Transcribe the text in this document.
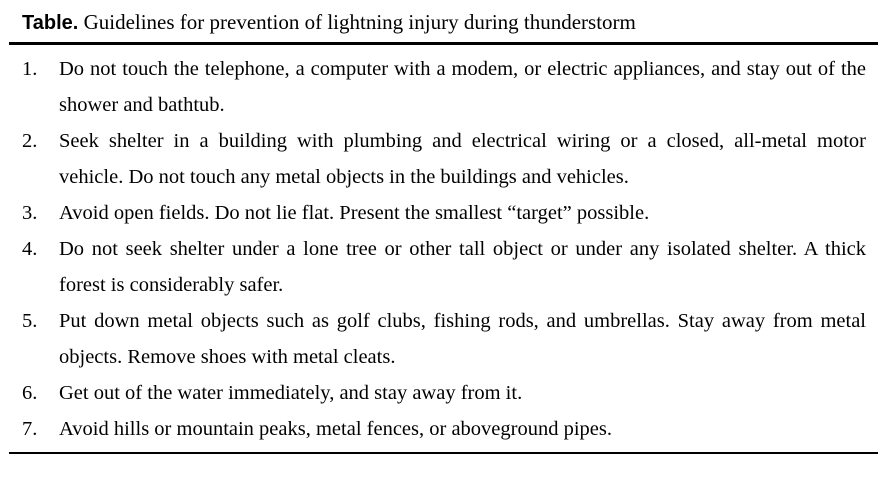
Table. Guidelines for prevention of lightning injury during thunderstorm
1.	Do not touch the telephone, a computer with a modem, or electric appliances, and stay out of the shower and bathtub.
2.	Seek shelter in a building with plumbing and electrical wiring or a closed, all-metal motor vehicle. Do not touch any metal objects in the buildings and vehicles.
3.	Avoid open fields. Do not lie flat. Present the smallest “target” possible.
4.	Do not seek shelter under a lone tree or other tall object or under any isolated shelter. A thick forest is considerably safer.
5.	Put down metal objects such as golf clubs, fishing rods, and umbrellas. Stay away from metal objects. Remove shoes with metal cleats.
6.	Get out of the water immediately, and stay away from it.
7.	Avoid hills or mountain peaks, metal fences, or aboveground pipes.
